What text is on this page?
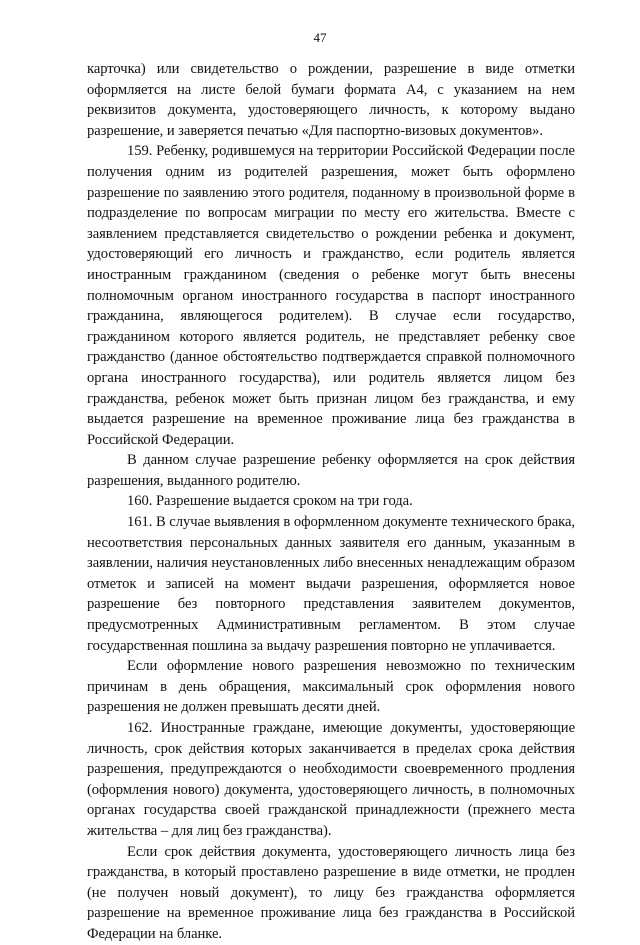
47

карточка) или свидетельство о рождении, разрешение в виде отметки оформляется на листе белой бумаги формата А4, с указанием на нем реквизитов документа, удостоверяющего личность, к которому выдано разрешение, и заверяется печатью «Для паспортно-визовых документов».

159. Ребенку, родившемуся на территории Российской Федерации после получения одним из родителей разрешения, может быть оформлено разрешение по заявлению этого родителя, поданному в произвольной форме в подразделение по вопросам миграции по месту его жительства. Вместе с заявлением представляется свидетельство о рождении ребенка и документ, удостоверяющий его личность и гражданство, если родитель является иностранным гражданином (сведения о ребенке могут быть внесены полномочным органом иностранного государства в паспорт иностранного гражданина, являющегося родителем). В случае если государство, гражданином которого является родитель, не представляет ребенку свое гражданство (данное обстоятельство подтверждается справкой полномочного органа иностранного государства), или родитель является лицом без гражданства, ребенок может быть признан лицом без гражданства, и ему выдается разрешение на временное проживание лица без гражданства в Российской Федерации.

В данном случае разрешение ребенку оформляется на срок действия разрешения, выданного родителю.

160. Разрешение выдается сроком на три года.

161. В случае выявления в оформленном документе технического брака, несоответствия персональных данных заявителя его данным, указанным в заявлении, наличия неустановленных либо внесенных ненадлежащим образом отметок и записей на момент выдачи разрешения, оформляется новое разрешение без повторного представления заявителем документов, предусмотренных Административным регламентом. В этом случае государственная пошлина за выдачу разрешения повторно не уплачивается.

Если оформление нового разрешения невозможно по техническим причинам в день обращения, максимальный срок оформления нового разрешения не должен превышать десяти дней.

162. Иностранные граждане, имеющие документы, удостоверяющие личность, срок действия которых заканчивается в пределах срока действия разрешения, предупреждаются о необходимости своевременного продления (оформления нового) документа, удостоверяющего личность, в полномочных органах государства своей гражданской принадлежности (прежнего места жительства – для лиц без гражданства).

Если срок действия документа, удостоверяющего личность лица без гражданства, в который проставлено разрешение в виде отметки, не продлен (не получен новый документ), то лицу без гражданства оформляется разрешение на временное проживание лица без гражданства в Российской Федерации на бланке.
